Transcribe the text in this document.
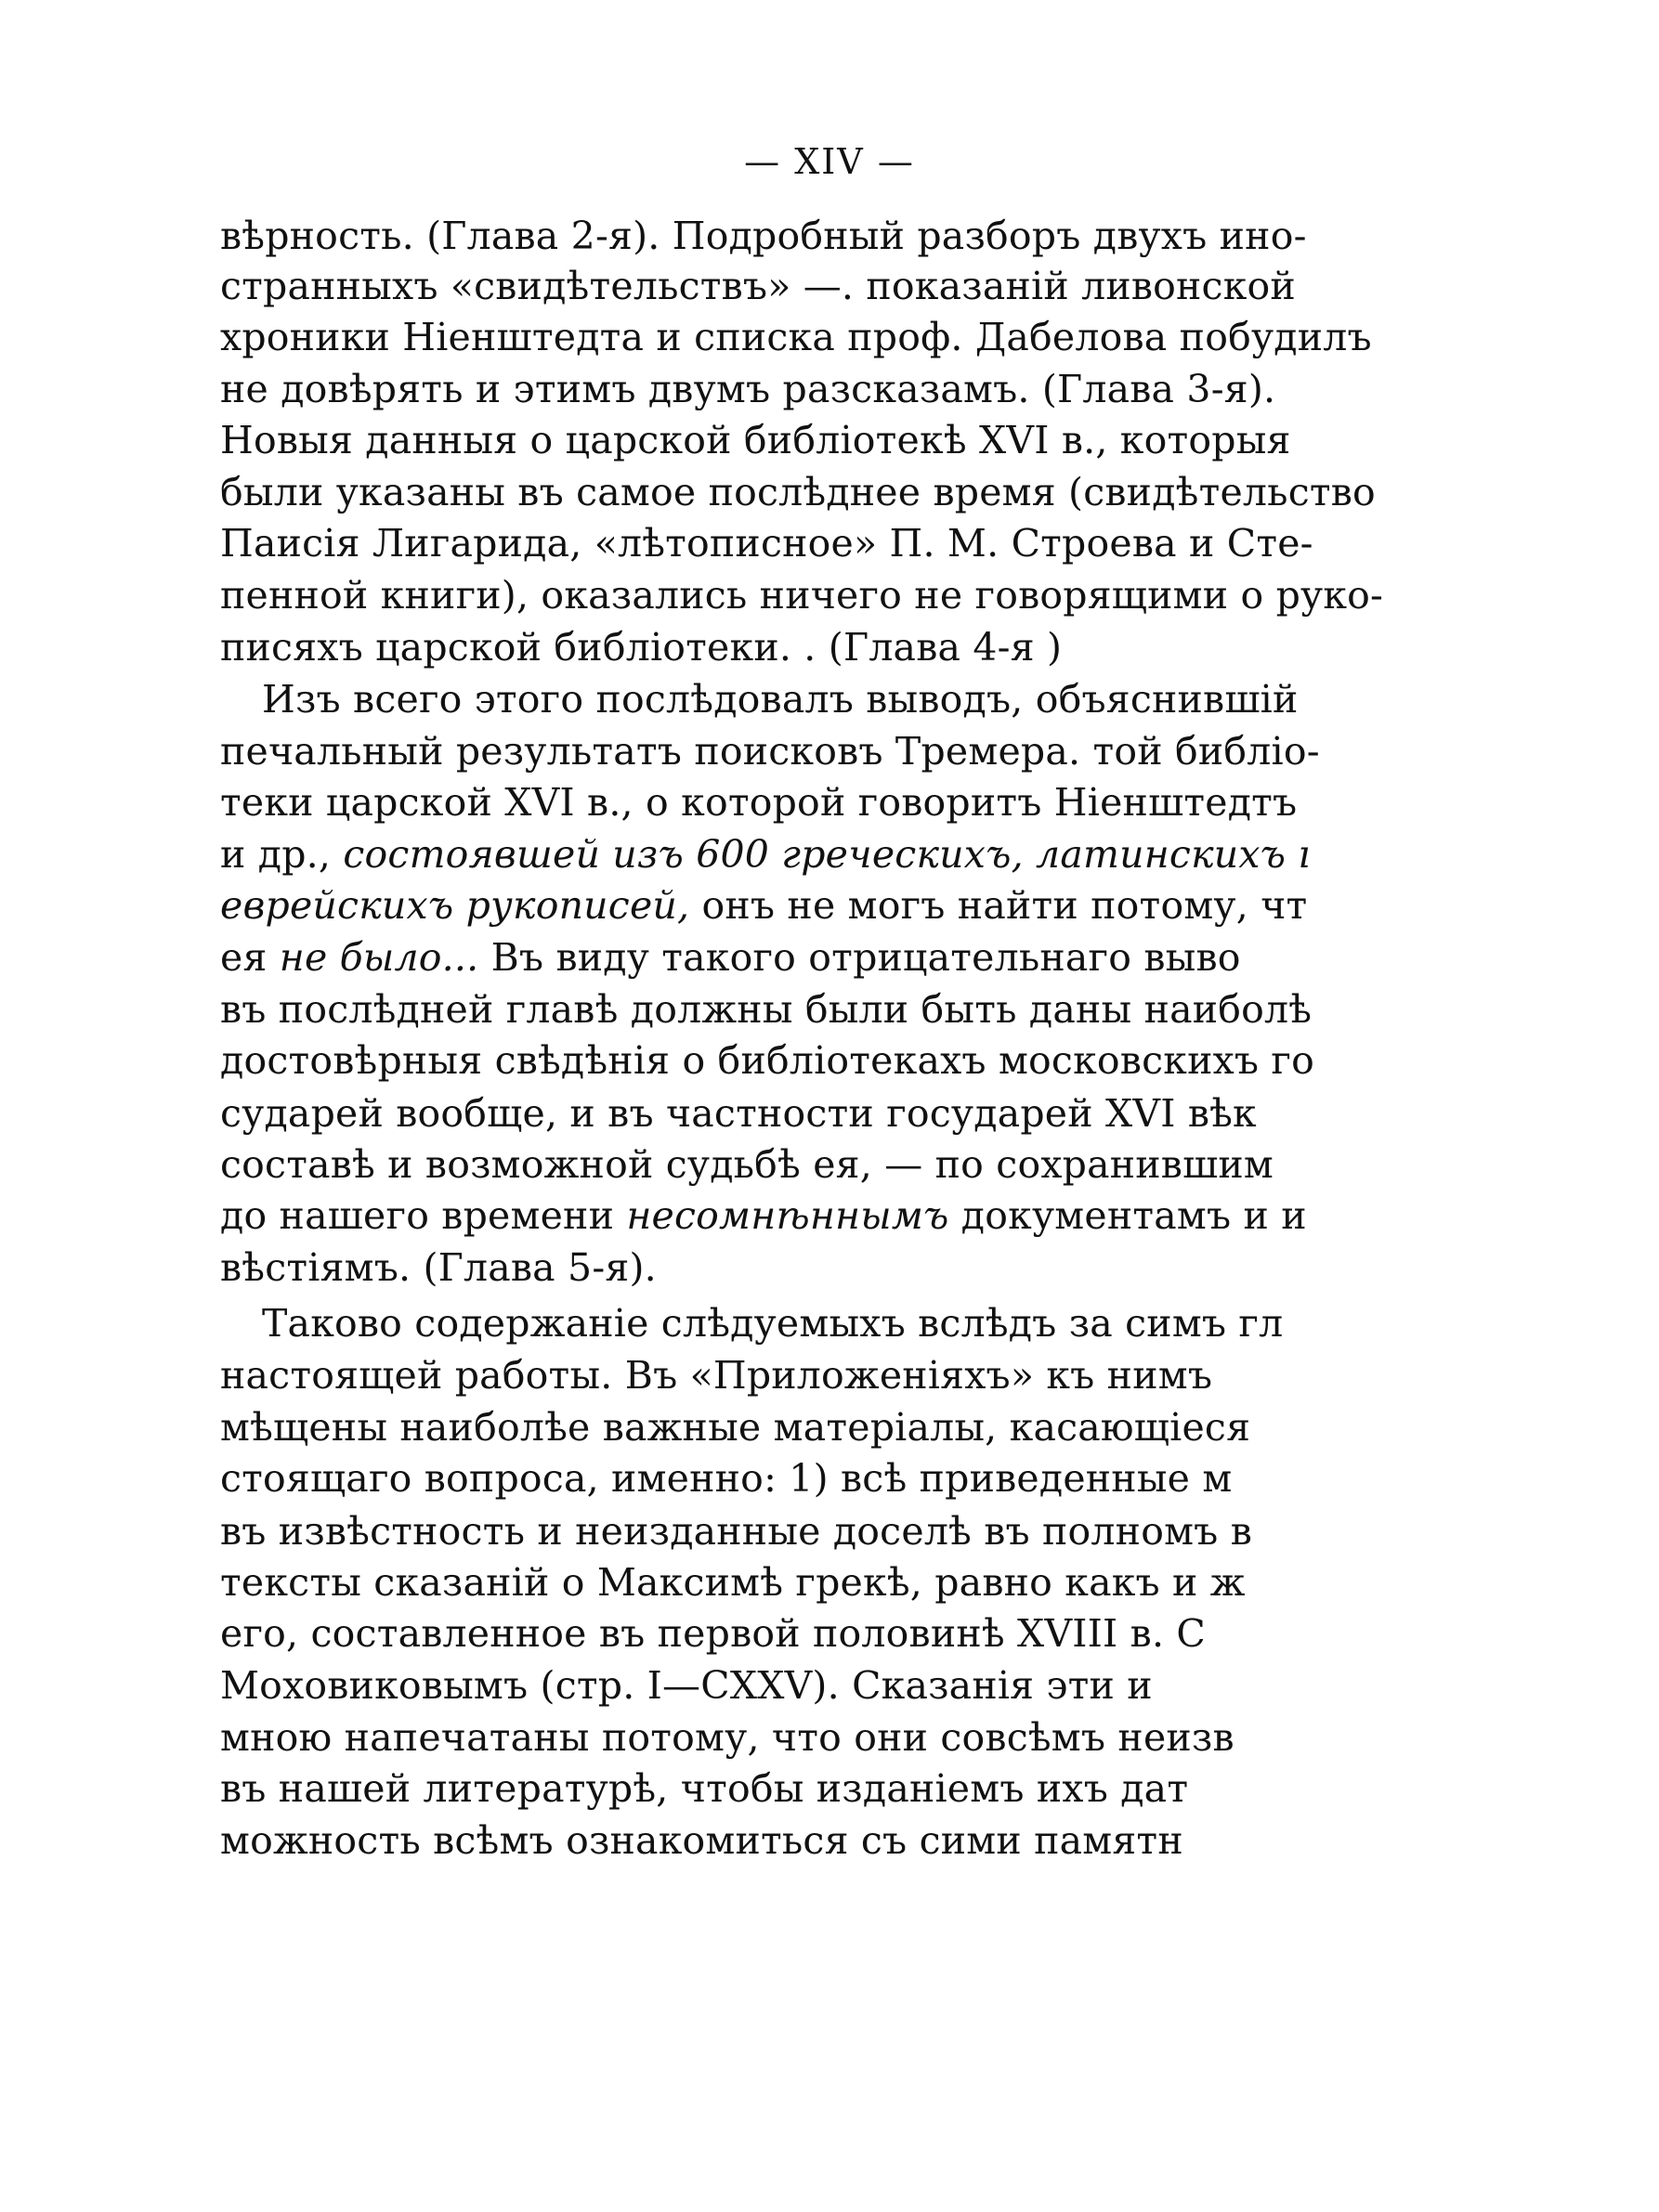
— XIV —
вѣрность. (Глава 2-я). Подробный разборъ двухъ ино-
странныхъ «свидѣтельствъ» —. показаній ливонской
хроники Ніенштедта и списка проф. Дабелова побудилъ
не довѣрять и этимъ двумъ разсказамъ. (Глава 3-я).
Новыя данныя о царской библіотекѣ XVI в., которыя
были указаны въ самое послѣднее время (свидѣтельство
Паисія Лигарида, «лѣтописное» П. М. Строева и Сте-
пенной книги), оказались ничего не говорящими о руко-
писяхъ царской библіотеки. . (Глава 4-я )
Изъ всего этого послѣдовалъ выводъ, объяснившій
печальный результатъ поисковъ Тремера. той библіо-
теки царской XVI в., о которой говоритъ Ніенштедтъ
и др., состоявшей изъ 600 греческихъ, латинскихъ ı
еврейскихъ рукописей, онъ не могъ найти потому, чт
ея не было... Въ виду такого отрицательнаго выво
въ послѣдней главѣ должны были быть даны наиболѣ
достовѣрныя свѣдѣнія о библіотекахъ московскихъ го
сударей вообще, и въ частности государей XVI вѣк
составѣ и возможной судьбѣ ея, — по сохранившим
до нашего времени несомнѣннымъ документамъ и и
вѣстіямъ. (Глава 5-я).
Таково содержаніе слѣдуемыхъ вслѣдъ за симъ гл
настоящей работы. Въ «Приложеніяхъ» къ нимъ
мѣщены наиболѣе важные матеріалы, касающіеся
стоящаго вопроса, именно: 1) всѣ приведенные м
въ извѣстность и неизданные доселѣ въ полномъ в
тексты сказаній о Максимѣ грекѣ, равно какъ и ж
его, составленное въ первой половинѣ XVIII в. С
Моховиковымъ (стр. I—CXXV). Сказанія эти и
мною напечатаны потому, что они совсѣмъ неизв
въ нашей литературѣ, чтобы изданіемъ ихъ дат
можность всѣмъ ознакомиться съ сими памятн
